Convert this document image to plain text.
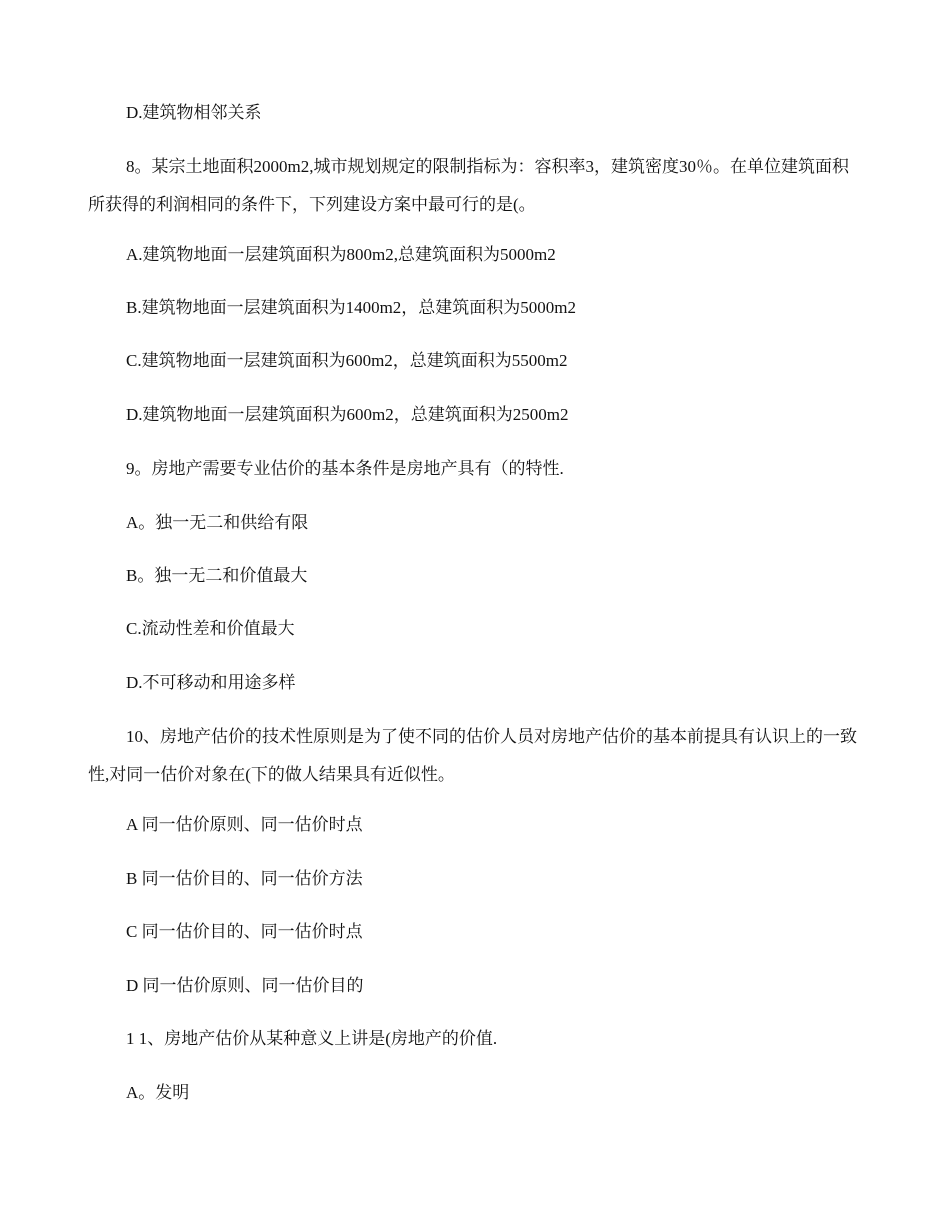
D.建筑物相邻关系
8。某宗土地面积2000m2,城市规划规定的限制指标为：容积率3，建筑密度30％。在单位建筑面积所获得的利润相同的条件下，下列建设方案中最可行的是(。
A.建筑物地面一层建筑面积为800m2,总建筑面积为5000m2
B.建筑物地面一层建筑面积为1400m2，总建筑面积为5000m2
C.建筑物地面一层建筑面积为600m2，总建筑面积为5500m2
D.建筑物地面一层建筑面积为600m2，总建筑面积为2500m2
9。房地产需要专业估价的基本条件是房地产具有（的特性.
A。独一无二和供给有限
B。独一无二和价值最大
C.流动性差和价值最大
D.不可移动和用途多样
10、房地产估价的技术性原则是为了使不同的估价人员对房地产估价的基本前提具有认识上的一致性,对同一估价对象在(下的做人结果具有近似性。
A 同一估价原则、同一估价时点
B 同一估价目的、同一估价方法
C 同一估价目的、同一估价时点
D 同一估价原则、同一估价目的
1 1、房地产估价从某种意义上讲是(房地产的价值.
A。发明
